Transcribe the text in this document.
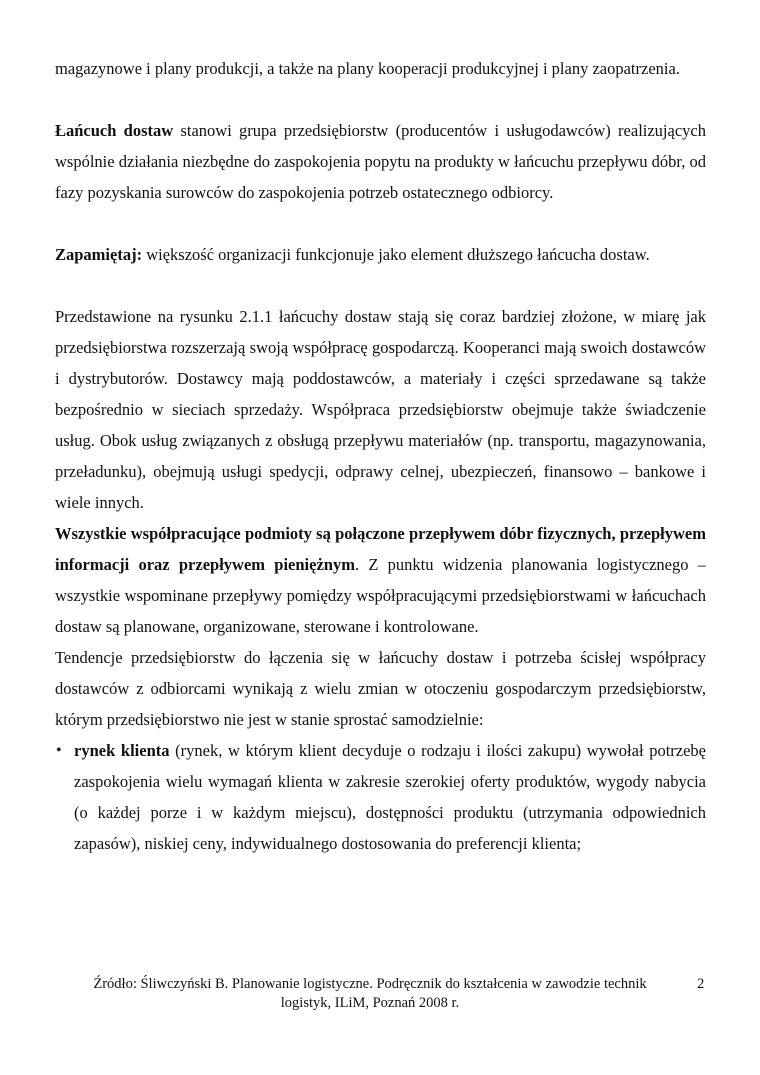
magazynowe i plany produkcji, a także na plany kooperacji produkcyjnej i plany zaopatrzenia.

Łańcuch dostaw stanowi grupa przedsiębiorstw (producentów i usługodawców) realizujących wspólnie działania niezbędne do zaspokojenia popytu na produkty w łańcuchu przepływu dóbr, od fazy pozyskania surowców do zaspokojenia potrzeb ostatecznego odbiorcy.

Zapamiętaj: większość organizacji funkcjonuje jako element dłuższego łańcucha dostaw.

Przedstawione na rysunku 2.1.1 łańcuchy dostaw stają się coraz bardziej złożone, w miarę jak przedsiębiorstwa rozszerzają swoją współpracę gospodarczą. Kooperanci mają swoich dostawców i dystrybutorów. Dostawcy mają poddostawców, a materiały i części sprzedawane są także bezpośrednio w sieciach sprzedaży. Współpraca przedsiębiorstw obejmuje także świadczenie usług. Obok usług związanych z obsługą przepływu materiałów (np. transportu, magazynowania, przeładunku), obejmują usługi spedycji, odprawy celnej, ubezpieczeń, finansowo – bankowe i wiele innych.

Wszystkie współpracujące podmioty są połączone przepływem dóbr fizycznych, przepływem informacji oraz przepływem pieniężnym. Z punktu widzenia planowania logistycznego – wszystkie wspominane przepływy pomiędzy współpracującymi przedsiębiorstwami w łańcuchach dostaw są planowane, organizowane, sterowane i kontrolowane.

Tendencje przedsiębiorstw do łączenia się w łańcuchy dostaw i potrzeba ścisłej współpracy dostawców z odbiorcami wynikają z wielu zmian w otoczeniu gospodarczym przedsiębiorstw, którym przedsiębiorstwo nie jest w stanie sprostać samodzielnie:

• rynek klienta (rynek, w którym klient decyduje o rodzaju i ilości zakupu) wywołał potrzebę zaspokojenia wielu wymagań klienta w zakresie szerokiej oferty produktów, wygody nabycia (o każdej porze i w każdym miejscu), dostępności produktu (utrzymania odpowiednich zapasów), niskiej ceny, indywidualnego dostosowania do preferencji klienta;
Źródło: Śliwczyński B. Planowanie logistyczne. Podręcznik do kształcenia w zawodzie technik logistyk, ILiM, Poznań 2008 r.
2
